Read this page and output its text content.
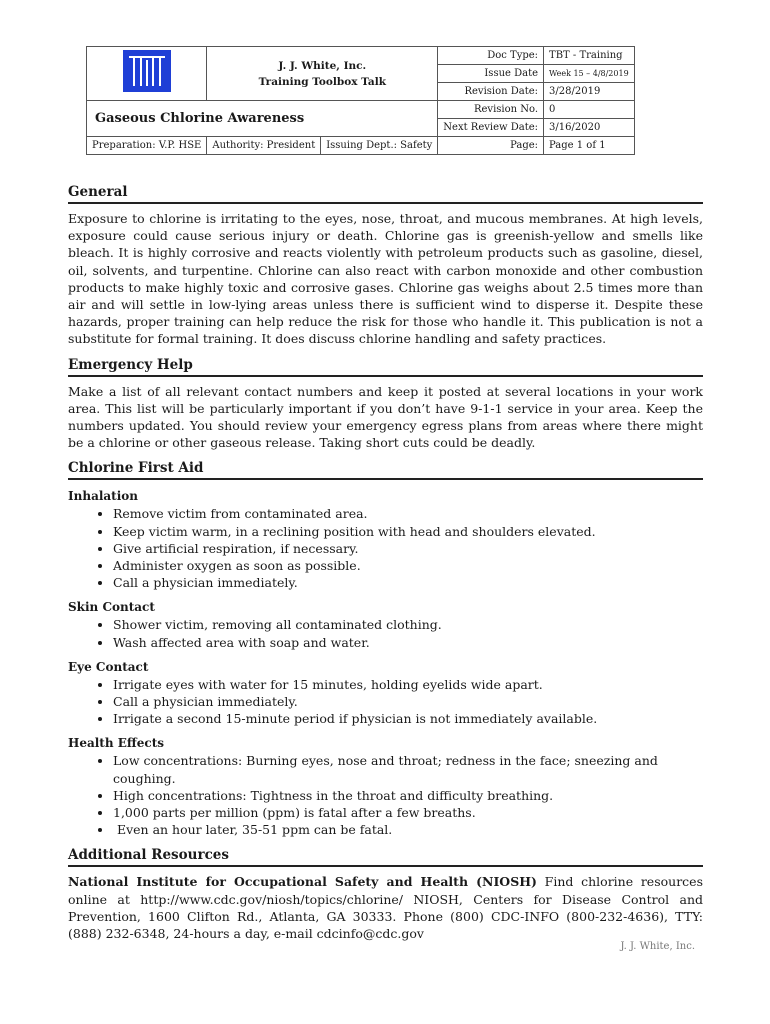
J. J. White, Inc.
Training Toolbox Talk		Doc Type:	TBT - Training
			Issue Date	Week 15 – 4/8/2019
			Revision Date:	3/28/2019
Gaseous Chlorine Awareness			Revision No.	0
			Next Review Date:	3/16/2020
Preparation: V.P. HSE	Authority: President	Issuing Dept.: Safety	Page:	Page 1 of 1
General

Exposure to chlorine is irritating to the eyes, nose, throat, and mucous membranes. At high levels, exposure could cause serious injury or death. Chlorine gas is greenish-yellow and smells like bleach. It is highly corrosive and reacts violently with petroleum products such as gasoline, diesel, oil, solvents, and turpentine. Chlorine can also react with carbon monoxide and other combustion products to make highly toxic and corrosive gases. Chlorine gas weighs about 2.5 times more than air and will settle in low-lying areas unless there is sufficient wind to disperse it. Despite these hazards, proper training can help reduce the risk for those who handle it. This publication is not a substitute for formal training. It does discuss chlorine handling and safety practices.

Emergency Help

Make a list of all relevant contact numbers and keep it posted at several locations in your work area. This list will be particularly important if you don’t have 9-1-1 service in your area. Keep the numbers updated. You should review your emergency egress plans from areas where there might be a chlorine or other gaseous release. Taking short cuts could be deadly.

Chlorine First Aid
Inhalation
• Remove victim from contaminated area.
• Keep victim warm, in a reclining position with head and shoulders elevated.
• Give artificial respiration, if necessary.
• Administer oxygen as soon as possible.
• Call a physician immediately.
Skin Contact
• Shower victim, removing all contaminated clothing.
• Wash affected area with soap and water.
Eye Contact
• Irrigate eyes with water for 15 minutes, holding eyelids wide apart.
• Call a physician immediately.
• Irrigate a second 15-minute period if physician is not immediately available.
Health Effects
• Low concentrations: Burning eyes, nose and throat; redness in the face; sneezing and coughing.
• High concentrations: Tightness in the throat and difficulty breathing.
• 1,000 parts per million (ppm) is fatal after a few breaths.
•  Even an hour later, 35-51 ppm can be fatal.
Additional Resources

National Institute for Occupational Safety and Health (NIOSH) Find chlorine resources online at http://www.cdc.gov/niosh/topics/chlorine/ NIOSH, Centers for Disease Control and Prevention, 1600 Clifton Rd., Atlanta, GA 30333. Phone (800) CDC-INFO (800-232-4636), TTY: (888) 232-6348, 24-hours a day, e-mail cdcinfo@cdc.gov

J. J. White, Inc.
